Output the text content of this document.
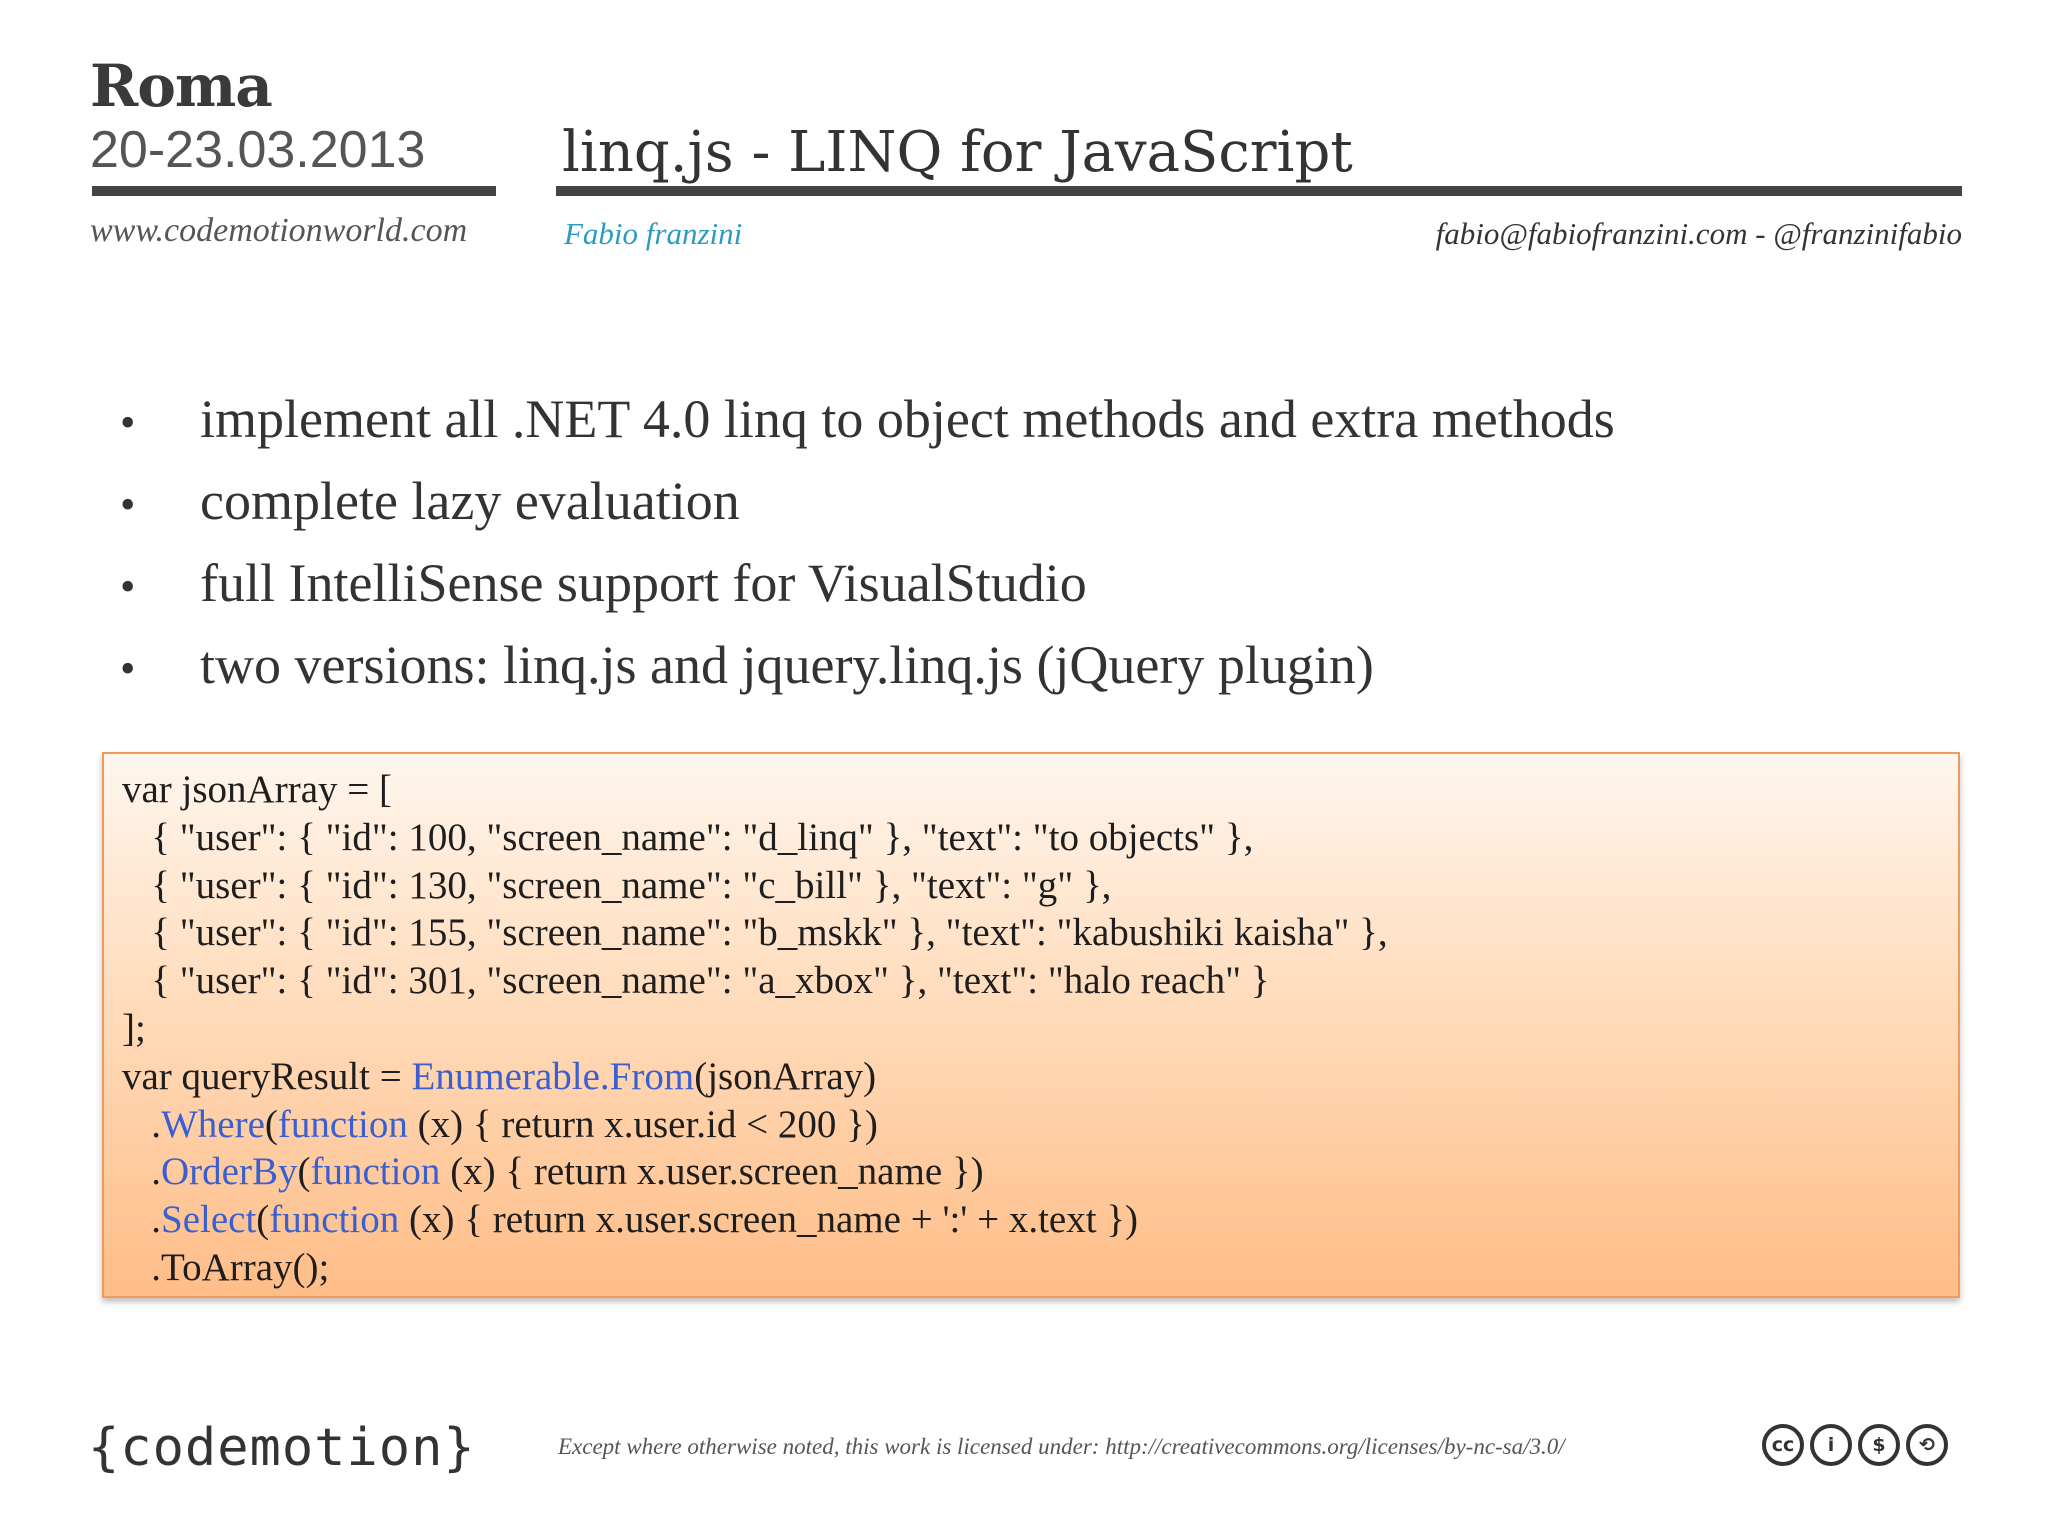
Roma
20-23.03.2013
www.codemotionworld.com
linq.js - LINQ for JavaScript
Fabio franzini	fabio@fabiofranzini.com - @franzinifabio
• implement all .NET 4.0 linq to object methods and extra methods
• complete lazy evaluation
• full IntelliSense support for VisualStudio
• two versions: linq.js and jquery.linq.js (jQuery plugin)
var jsonArray = [
{ "user": { "id": 100, "screen_name": "d_linq" }, "text": "to objects" },
{ "user": { "id": 130, "screen_name": "c_bill" }, "text": "g" },
{ "user": { "id": 155, "screen_name": "b_mskk" }, "text": "kabushiki kaisha" },
{ "user": { "id": 301, "screen_name": "a_xbox" }, "text": "halo reach" }
];
var queryResult = Enumerable.From(jsonArray)
.Where(function (x) { return x.user.id < 200 })
.OrderBy(function (x) { return x.user.screen_name })
.Select(function (x) { return x.user.screen_name + ':' + x.text })
.ToArray();
{codemotion}	Except where otherwise noted, this work is licensed under: http://creativecommons.org/licenses/by-nc-sa/3.0/	cc	i	$	⟲
